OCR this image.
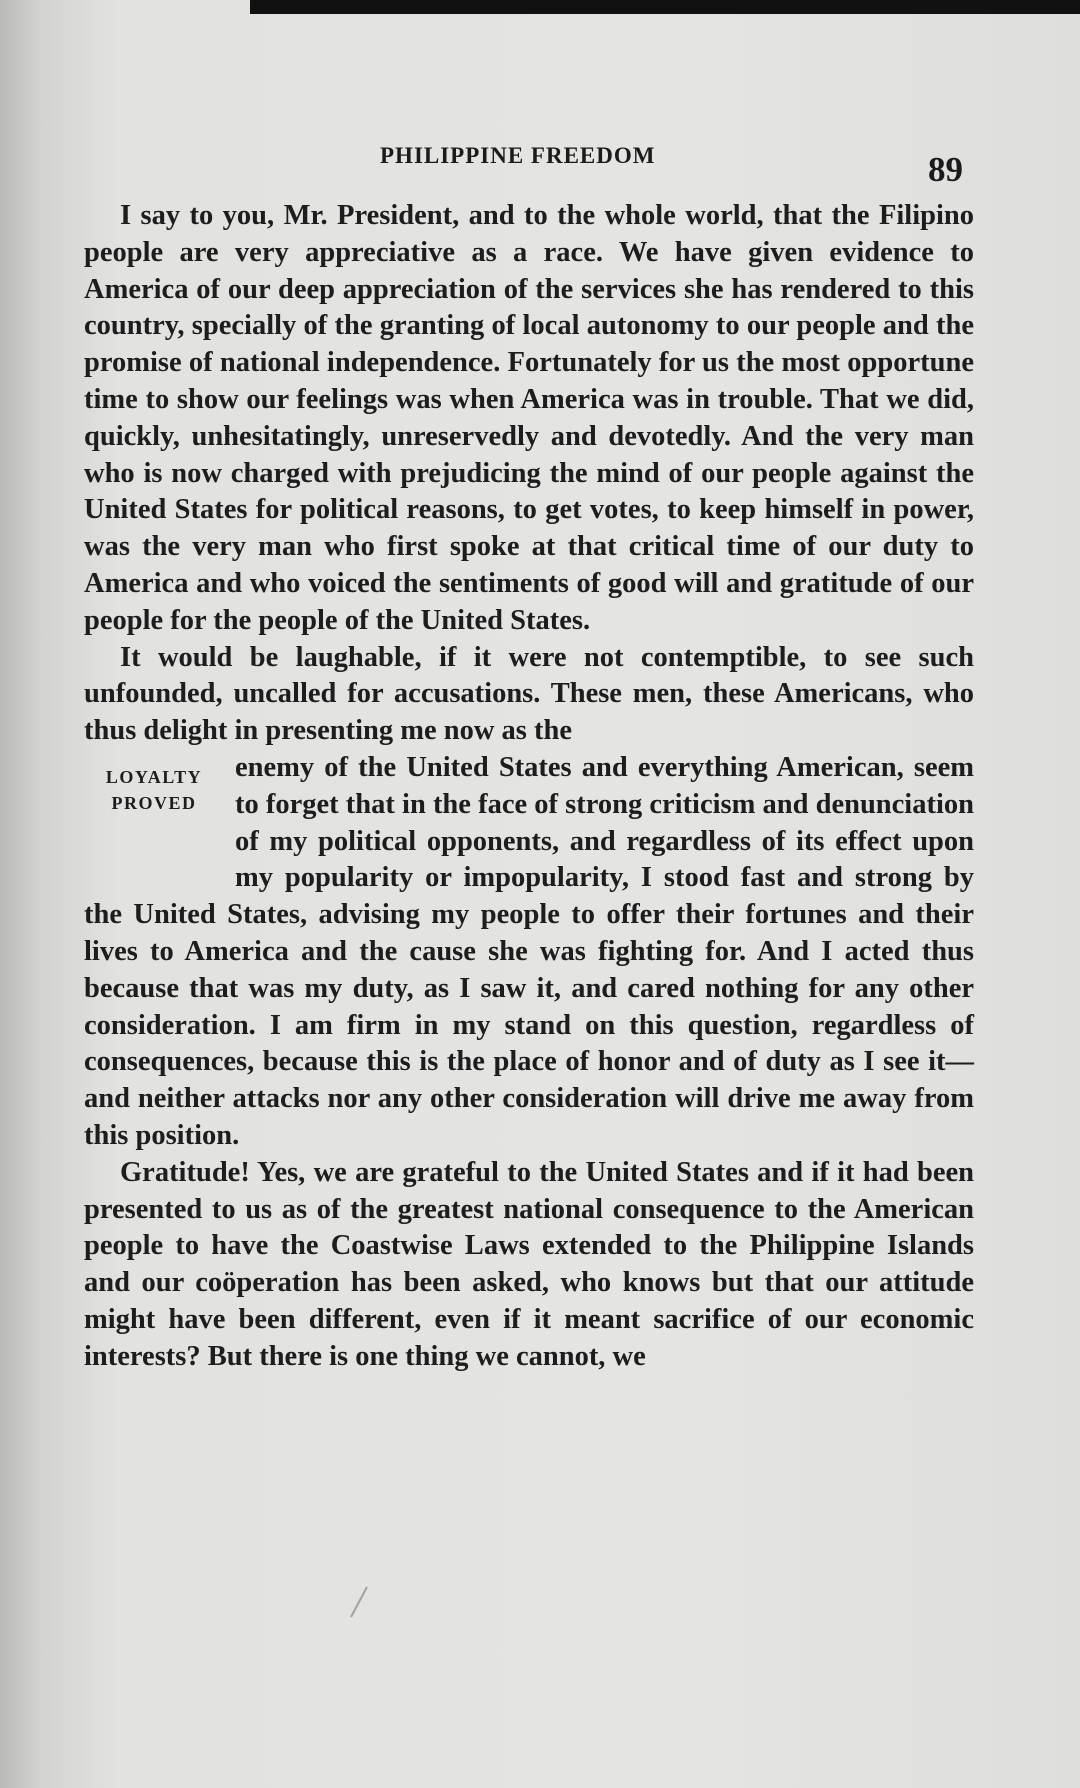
PHILIPPINE FREEDOM	89

I say to you, Mr. President, and to the whole world, that the Filipino people are very appreciative as a race. We have given evidence to America of our deep appreciation of the services she has rendered to this country, specially of the granting of local autonomy to our people and the promise of national independence. Fortunately for us the most opportune time to show our feelings was when America was in trouble. That we did, quickly, unhesitatingly, unreservedly and devotedly. And the very man who is now charged with prejudicing the mind of our people against the United States for political reasons, to get votes, to keep himself in power, was the very man who first spoke at that critical time of our duty to America and who voiced the sentiments of good will and gratitude of our people for the people of the United States.

It would be laughable, if it were not contemptible, to see such unfounded, uncalled for accusations. These men, these Americans, who thus delight in presenting me now as the

LOYALTY
PROVED
enemy of the United States and everything American, seem to forget that in the face of strong criticism and denunciation of my political opponents, and regardless of its effect upon my popularity or impopularity, I stood fast and strong by the United States, advising my people to offer their fortunes and their lives to America and the cause she was fighting for. And I acted thus because that was my duty, as I saw it, and cared nothing for any other consideration. I am firm in my stand on this question, regardless of consequences, because this is the place of honor and of duty as I see it—and neither attacks nor any other consideration will drive me away from this position.

Gratitude! Yes, we are grateful to the United States and if it had been presented to us as of the greatest national consequence to the American people to have the Coastwise Laws extended to the Philippine Islands and our coöperation has been asked, who knows but that our attitude might have been different, even if it meant sacrifice of our economic interests? But there is one thing we cannot, we
